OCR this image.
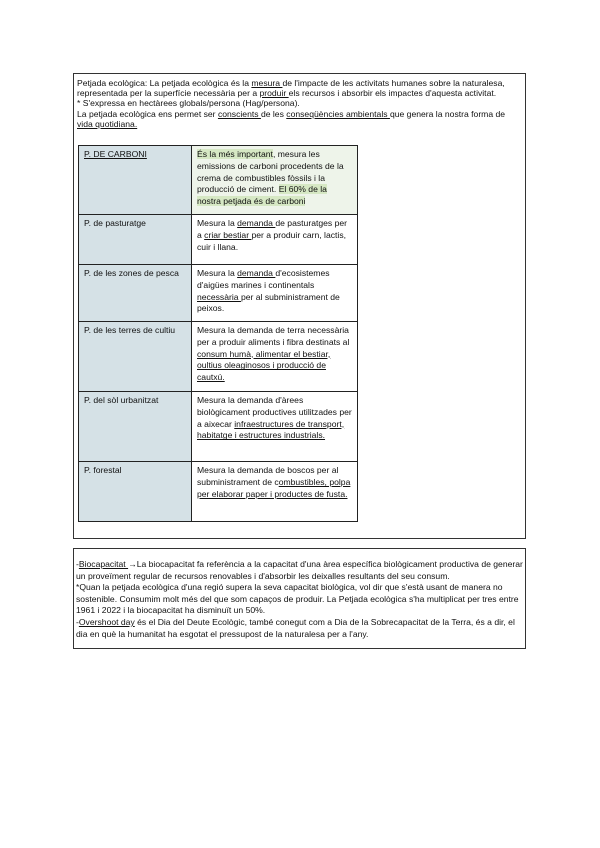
Petjada ecològica: La petjada ecològica és la mesura de l'impacte de les activitats humanes sobre la naturalesa, representada per la superfície necessària per a produir els recursos i absorbir els impactes d'aquesta activitat.

* S'expressa en hectàrees globals/persona (Hag/persona).

La petjada ecològica ens permet ser conscients de les conseqüències ambientals que genera la nostra forma de vida quotidiana.

P. DE CARBONI	És la més important, mesura les emissions de carboni procedents de la crema de combustibles fòssils i la producció de ciment. El 60% de la nostra petjada és de carboni
P. de pasturatge	Mesura la demanda de pasturatges per a criar bestiar per a produir carn, lactis, cuir i llana.
P. de les zones de pesca	Mesura la demanda d'ecosistemes d'aigües marines i continentals necessària per al subministrament de peixos.
P. de les terres de cultiu	Mesura la demanda de terra necessària per a produir aliments i fibra destinats al consum humà, alimentar el bestiar, oultius oleaginosos i producció de cautxú.
P. del sòl urbanitzat	Mesura la demanda d'àrees biològicament productives utilitzades per a aixecar infraestructures de transport, habitatge i estructures industrials.
P. forestal	Mesura la demanda de boscos per al subministrament de combustibles, polpa per elaborar paper i productes de fusta.

-Biocapacitat →La biocapacitat fa referència a la capacitat d'una àrea específica biològicament productiva de generar un proveïment regular de recursos renovables i d'absorbir les deixalles resultants del seu consum.

*Quan la petjada ecològica d'una regió supera la seva capacitat biològica, vol dir que s'està usant de manera no sostenible. Consumim molt més del que som capaços de produir. La Petjada ecològica s'ha multiplicat per tres entre 1961 i 2022 i la biocapacitat ha disminuït un 50%.

-Overshoot day és el Dia del Deute Ecològic, també conegut com a Dia de la Sobrecapacitat de la Terra, és a dir, el dia en què la humanitat ha esgotat el pressupost de la naturalesa per a l'any.
